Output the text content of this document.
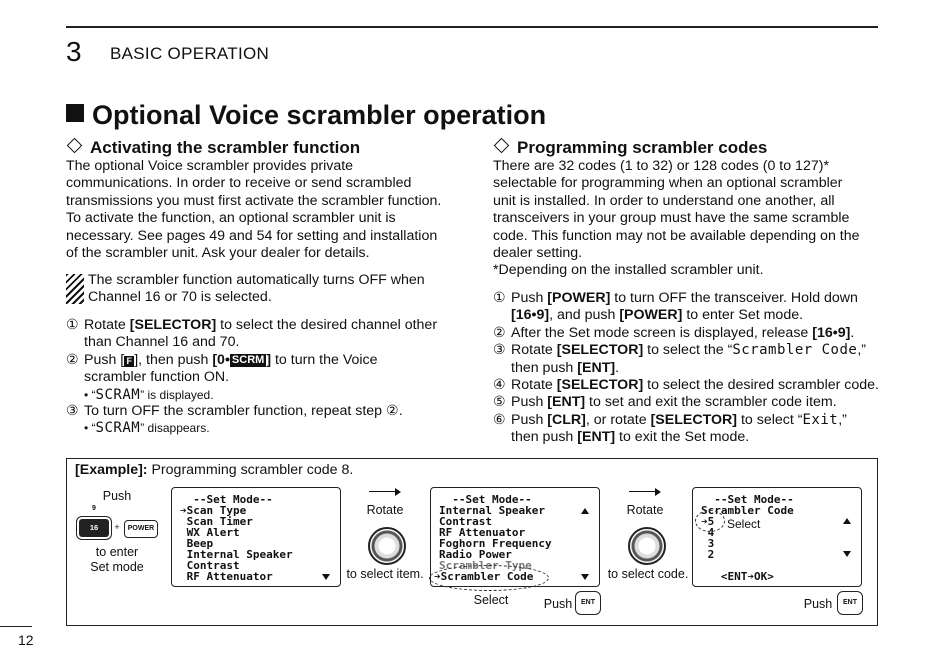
3 BASIC OPERATION
Optional Voice scrambler operation
Activating the scrambler function
The optional Voice scrambler provides private
communications. In order to receive or send scrambled
transmissions you must first activate the scrambler function.
To activate the function, an optional scrambler unit is
necessary. See pages 49 and 54 for setting and installation
of the scrambler unit. Ask your dealer for details.
The scrambler function automatically turns OFF when
Channel 16 or 70 is selected.
① Rotate [SELECTOR] to select the desired channel other
than Channel 16 and 70.
② Push [ F ], then push [0• SCRM ] to turn the Voice
scrambler function ON.
• “SCRAM” is displayed.
③ To turn OFF the scrambler function, repeat step ②.
• “SCRAM” disappears.
Programming scrambler codes
There are 32 codes (1 to 32) or 128 codes (0 to 127)*
selectable for programming when an optional scrambler
unit is installed. In order to understand one another, all
transceivers in your group must have the same scramble
code. This function may not be available depending on the
dealer setting.
*Depending on the installed scrambler unit.
① Push [POWER] to turn OFF the transceiver. Hold down
[16•9], and push [POWER] to enter Set mode.
② After the Set mode screen is displayed, release [16•9].
③ Rotate [SELECTOR] to select the “Scrambler Code,”
then push [ENT].
④ Rotate [SELECTOR] to select the desired scrambler code.
⑤ Push [ENT] to set and exit the scrambler code item.
⑥ Push [CLR], or rotate [SELECTOR] to select “Exit,”
then push [ENT] to exit the Set mode.
[Example]: Programming scrambler code 8.
Push
9
16	+	POWER
to enter
Set mode
--Set Mode--
➔Scan Type
Scan Timer
WX Alert
Beep
Internal Speaker
Contrast
RF Attenuator
Rotate
to select item.
--Set Mode--
Internal Speaker
Contrast
RF Attenuator
Foghorn Frequency
Radio Power
Scrambler Type
➔Scrambler Code
Select	Push	ENT
Rotate
to select code.
--Set Mode--
Scrambler Code
➔5
4
3
2
<ENT➔OK>
Select
Push	ENT
12
